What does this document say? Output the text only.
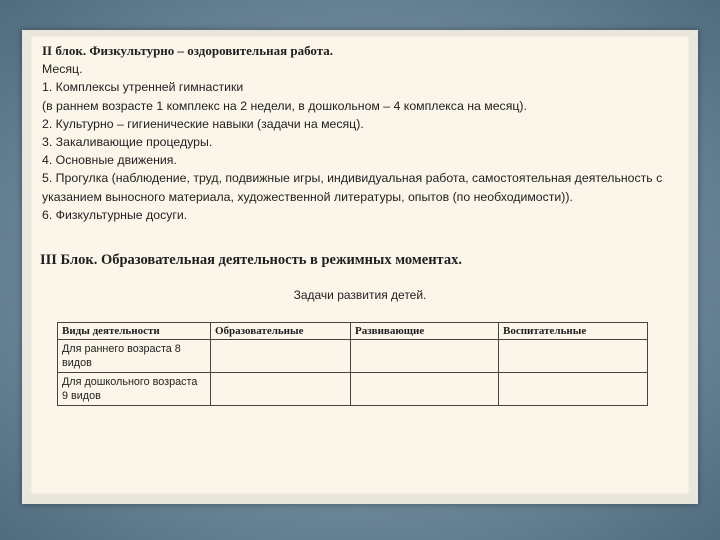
II блок. Физкультурно – оздоровительная работа.
Месяц.
1. Комплексы утренней гимнастики
(в раннем возрасте 1 комплекс на 2 недели, в дошкольном – 4 комплекса на месяц).
2. Культурно – гигиенические навыки (задачи на месяц).
3. Закаливающие процедуры.
4. Основные движения.
5. Прогулка (наблюдение, труд, подвижные игры, индивидуальная работа, самостоятельная деятельность с указанием выносного материала, художественной литературы, опытов (по необходимости)).
6. Физкультурные досуги.
III Блок. Образовательная деятельность в режимных моментах.
Задачи развития детей.
Виды деятельности	Образовательные	Развивающие	Воспитательные
Для раннего возраста 8 видов			
Для дошкольного возраста 9 видов			
